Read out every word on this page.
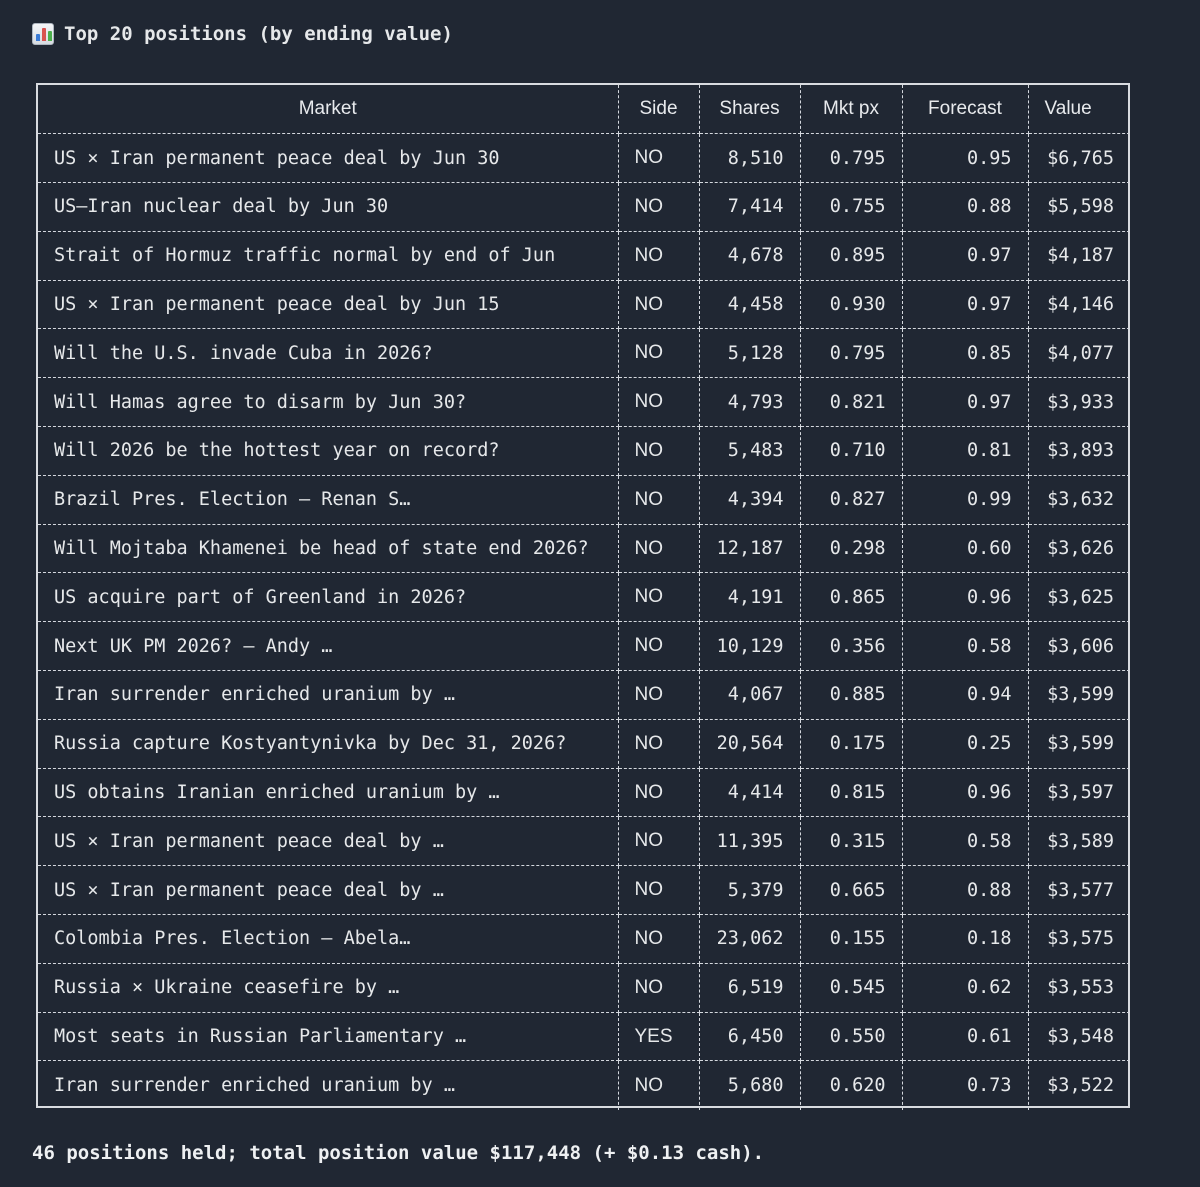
Top 20 positions (by ending value)
Market	Side	Shares	Mkt px	Forecast	Value
US × Iran permanent peace deal by Jun 30	NO	8,510	0.795	0.95	$6,765
US—Iran nuclear deal by Jun 30	NO	7,414	0.755	0.88	$5,598
Strait of Hormuz traffic normal by end of Jun	NO	4,678	0.895	0.97	$4,187
US × Iran permanent peace deal by Jun 15	NO	4,458	0.930	0.97	$4,146
Will the U.S. invade Cuba in 2026?	NO	5,128	0.795	0.85	$4,077
Will Hamas agree to disarm by Jun 30?	NO	4,793	0.821	0.97	$3,933
Will 2026 be the hottest year on record?	NO	5,483	0.710	0.81	$3,893
Brazil Pres. Election — Renan S…	NO	4,394	0.827	0.99	$3,632
Will Mojtaba Khamenei be head of state end 2026?	NO	12,187	0.298	0.60	$3,626
US acquire part of Greenland in 2026?	NO	4,191	0.865	0.96	$3,625
Next UK PM 2026? — Andy …	NO	10,129	0.356	0.58	$3,606
Iran surrender enriched uranium by …	NO	4,067	0.885	0.94	$3,599
Russia capture Kostyantynivka by Dec 31, 2026?	NO	20,564	0.175	0.25	$3,599
US obtains Iranian enriched uranium by …	NO	4,414	0.815	0.96	$3,597
US × Iran permanent peace deal by …	NO	11,395	0.315	0.58	$3,589
US × Iran permanent peace deal by …	NO	5,379	0.665	0.88	$3,577
Colombia Pres. Election — Abela…	NO	23,062	0.155	0.18	$3,575
Russia × Ukraine ceasefire by …	NO	6,519	0.545	0.62	$3,553
Most seats in Russian Parliamentary …	YES	6,450	0.550	0.61	$3,548
Iran surrender enriched uranium by …	NO	5,680	0.620	0.73	$3,522
46 positions held; total position value $117,448 (+ $0.13 cash).
